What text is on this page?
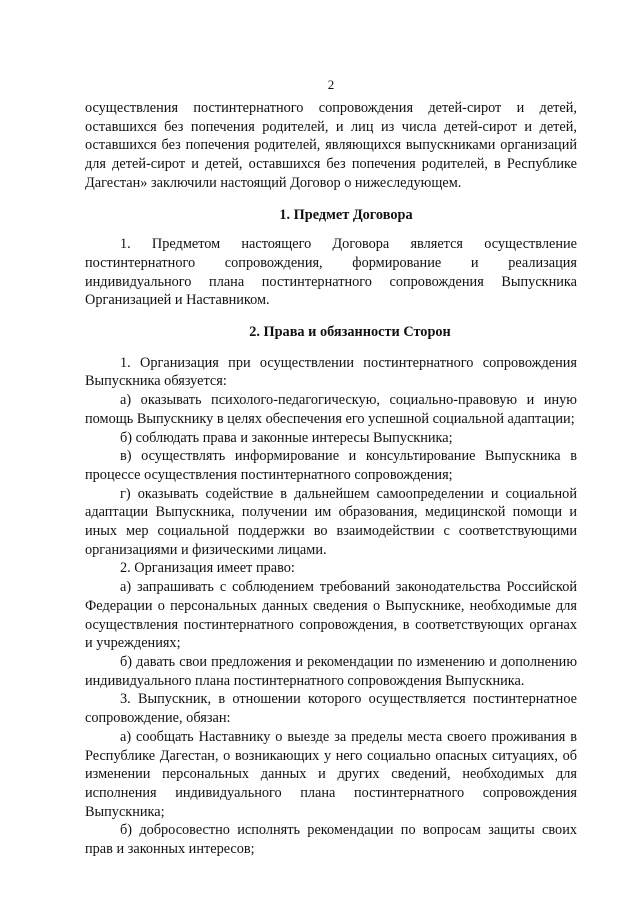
2

осуществления постинтернатного сопровождения детей-сирот и детей, оставшихся без попечения родителей, и лиц из числа детей-сирот и детей, оставшихся без попечения родителей, являющихся выпускниками организаций для детей-сирот и детей, оставшихся без попечения родителей, в Республике Дагестан» заключили настоящий Договор о нижеследующем.

1. Предмет Договора

1. Предметом настоящего Договора является осуществление постинтернатного сопровождения, формирование и реализация индивидуального плана постинтернатного сопровождения Выпускника Организацией и Наставником.

2. Права и обязанности Сторон

1. Организация при осуществлении постинтернатного сопровождения Выпускника обязуется:

а) оказывать психолого-педагогическую, социально-правовую и иную помощь Выпускнику в целях обеспечения его успешной социальной адаптации;

б) соблюдать права и законные интересы Выпускника;

в) осуществлять информирование и консультирование Выпускника в процессе осуществления постинтернатного сопровождения;

г) оказывать содействие в дальнейшем самоопределении и социальной адаптации Выпускника, получении им образования, медицинской помощи и иных мер социальной поддержки во взаимодействии с соответствующими организациями и физическими лицами.

2. Организация имеет право:

а) запрашивать с соблюдением требований законодательства Российской Федерации о персональных данных сведения о Выпускнике, необходимые для осуществления постинтернатного сопровождения, в соответствующих органах и учреждениях;

б) давать свои предложения и рекомендации по изменению и дополнению индивидуального плана постинтернатного сопровождения Выпускника.

3. Выпускник, в отношении которого осуществляется постинтернатное сопровождение, обязан:

а) сообщать Наставнику о выезде за пределы места своего проживания в Республике Дагестан, о возникающих у него социально опасных ситуациях, об изменении персональных данных и других сведений, необходимых для исполнения индивидуального плана постинтернатного сопровождения Выпускника;

б) добросовестно исполнять рекомендации по вопросам защиты своих прав и законных интересов;
